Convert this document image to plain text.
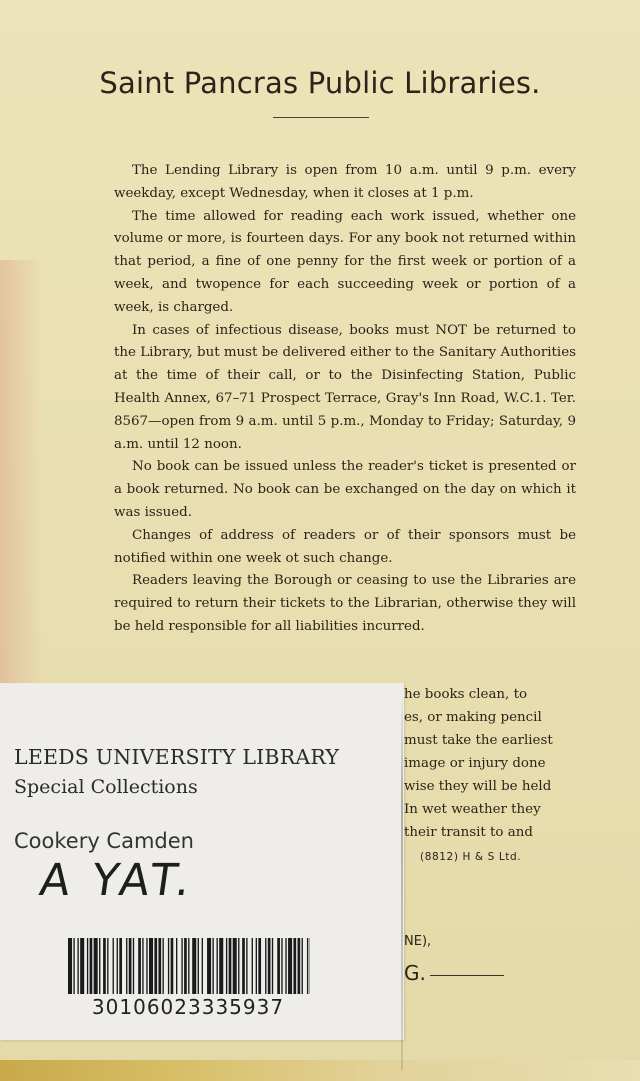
Saint Pancras Public Libraries.

The Lending Library is open from 10 a.m. until 9 p.m. every weekday, except Wednesday, when it closes at 1 p.m.

The time allowed for reading each work issued, whether one volume or more, is fourteen days. For any book not returned within that period, a fine of one penny for the first week or portion of a week, and twopence for each succeeding week or portion of a week, is charged.

In cases of infectious disease, books must NOT be returned to the Library, but must be delivered either to the Sanitary Authorities at the time of their call, or to the Disinfecting Station, Public Health Annex, 67–71 Prospect Terrace, Gray's Inn Road, W.C.1. Ter. 8567—open from 9 a.m. until 5 p.m., Monday to Friday; Saturday, 9 a.m. until 12 noon.

No book can be issued unless the reader's ticket is presented or a book returned. No book can be exchanged on the day on which it was issued.

Changes of address of readers or of their sponsors must be notified within one week ot such change.

Readers leaving the Borough or ceasing to use the Libraries are required to return their tickets to the Librarian, otherwise they will be held responsible for all liabilities incurred.

he books clean, to
es, or making pencil
must take the earliest
image or injury done
wise they will be held
In wet weather they
their transit to and
(8812) H & S Ltd.
NE),
G.
LEEDS UNIVERSITY LIBRARY
Special Collections
Cookery Camden
A YAT.
30106023335937
